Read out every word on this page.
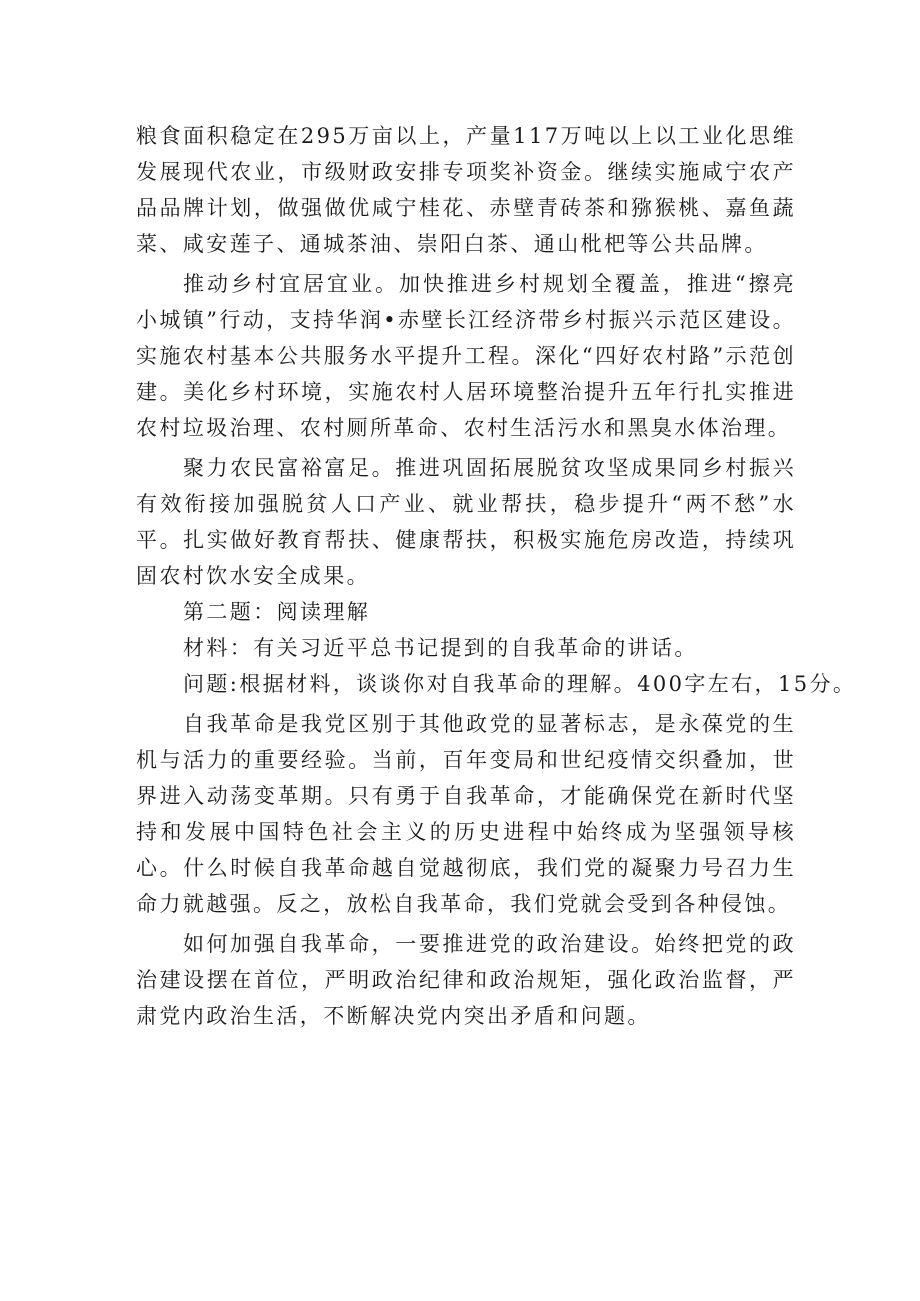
粮食面积稳定在295万亩以上，产量117万吨以上以工业化思维发展现代农业，市级财政安排专项奖补资金。继续实施咸宁农产品品牌计划，做强做优咸宁桂花、赤壁青砖茶和猕猴桃、嘉鱼蔬菜、咸安莲子、通城茶油、崇阳白茶、通山枇杷等公共品牌。

推动乡村宜居宜业。加快推进乡村规划全覆盖，推进“擦亮小城镇”行动，支持华润•赤壁长江经济带乡村振兴示范区建设。实施农村基本公共服务水平提升工程。深化“四好农村路”示范创建。美化乡村环境，实施农村人居环境整治提升五年行扎实推进农村垃圾治理、农村厕所革命、农村生活污水和黑臭水体治理。

聚力农民富裕富足。推进巩固拓展脱贫攻坚成果同乡村振兴有效衔接加强脱贫人口产业、就业帮扶，稳步提升“两不愁”水平。扎实做好教育帮扶、健康帮扶，积极实施危房改造，持续巩固农村饮水安全成果。

第二题：阅读理解

材料：有关习近平总书记提到的自我革命的讲话。

问题:根据材料，谈谈你对自我革命的理解。400字左右，15分。

自我革命是我党区别于其他政党的显著标志，是永葆党的生机与活力的重要经验。当前，百年变局和世纪疫情交织叠加，世界进入动荡变革期。只有勇于自我革命，才能确保党在新时代坚持和发展中国特色社会主义的历史进程中始终成为坚强领导核心。什么时候自我革命越自觉越彻底，我们党的凝聚力号召力生命力就越强。反之，放松自我革命，我们党就会受到各种侵蚀。

如何加强自我革命，一要推进党的政治建设。始终把党的政治建设摆在首位，严明政治纪律和政治规矩，强化政治监督，严肃党内政治生活，不断解决党内突出矛盾和问题。
